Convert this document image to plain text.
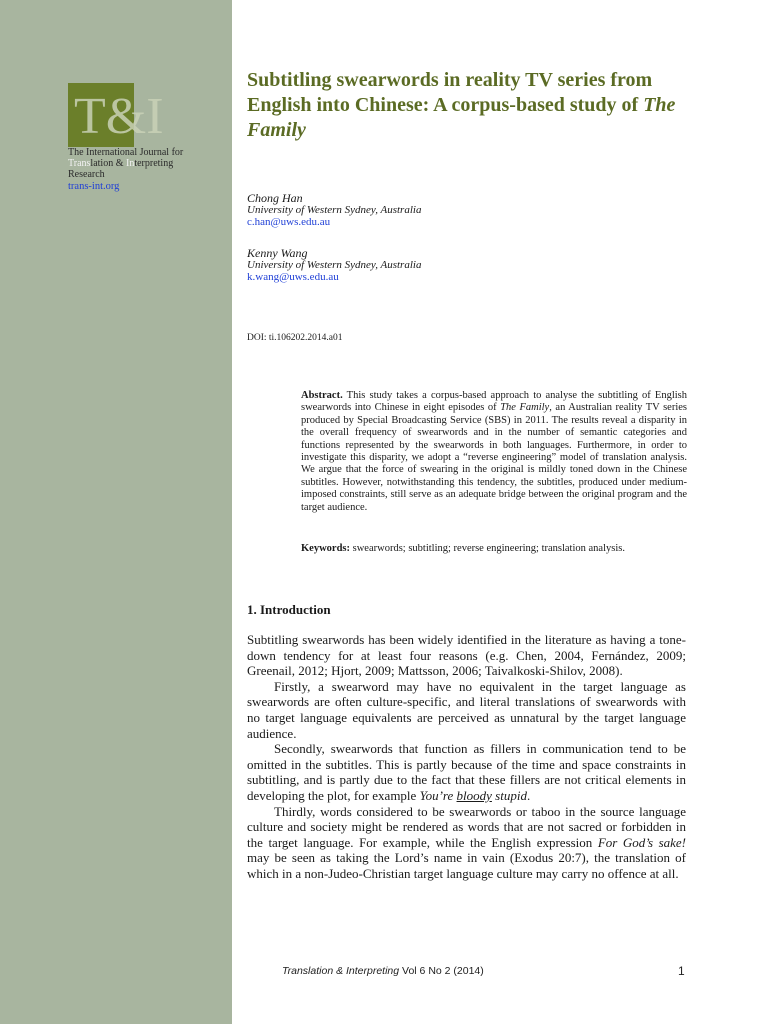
T&I
The International Journal for
Translation & Interpreting
Research
trans-int.org
Subtitling swearwords in reality TV series from English into Chinese: A corpus-based study of The Family
Chong Han
University of Western Sydney, Australia
c.han@uws.edu.au
Kenny Wang
University of Western Sydney, Australia
k.wang@uws.edu.au
DOI: ti.106202.2014.a01

Abstract. This study takes a corpus-based approach to analyse the subtitling of English swearwords into Chinese in eight episodes of The Family, an Australian reality TV series produced by Special Broadcasting Service (SBS) in 2011. The results reveal a disparity in the overall frequency of swearwords and in the number of semantic categories and functions represented by the swearwords in both languages. Furthermore, in order to investigate this disparity, we adopt a “reverse engineering” model of translation analysis. We argue that the force of swearing in the original is mildly toned down in the Chinese subtitles. However, notwithstanding this tendency, the subtitles, produced under medium-imposed constraints, still serve as an adequate bridge between the original program and the target audience.

Keywords: swearwords; subtitling; reverse engineering; translation analysis.

1. Introduction

Subtitling swearwords has been widely identified in the literature as having a tone-down tendency for at least four reasons (e.g. Chen, 2004, Fernández, 2009; Greenail, 2012; Hjort, 2009; Mattsson, 2006; Taivalkoski-Shilov, 2008).

Firstly, a swearword may have no equivalent in the target language as swearwords are often culture-specific, and literal translations of swearwords with no target language equivalents are perceived as unnatural by the target language audience.

Secondly, swearwords that function as fillers in communication tend to be omitted in the subtitles. This is partly because of the time and space constraints in subtitling, and is partly due to the fact that these fillers are not critical elements in developing the plot, for example You’re bloody stupid.

Thirdly, words considered to be swearwords or taboo in the source language culture and society might be rendered as words that are not sacred or forbidden in the target language. For example, while the English expression For God’s sake! may be seen as taking the Lord’s name in vain (Exodus 20:7), the translation of which in a non-Judeo-Christian target language culture may carry no offence at all.

Translation & Interpreting Vol 6 No 2 (2014)	1
